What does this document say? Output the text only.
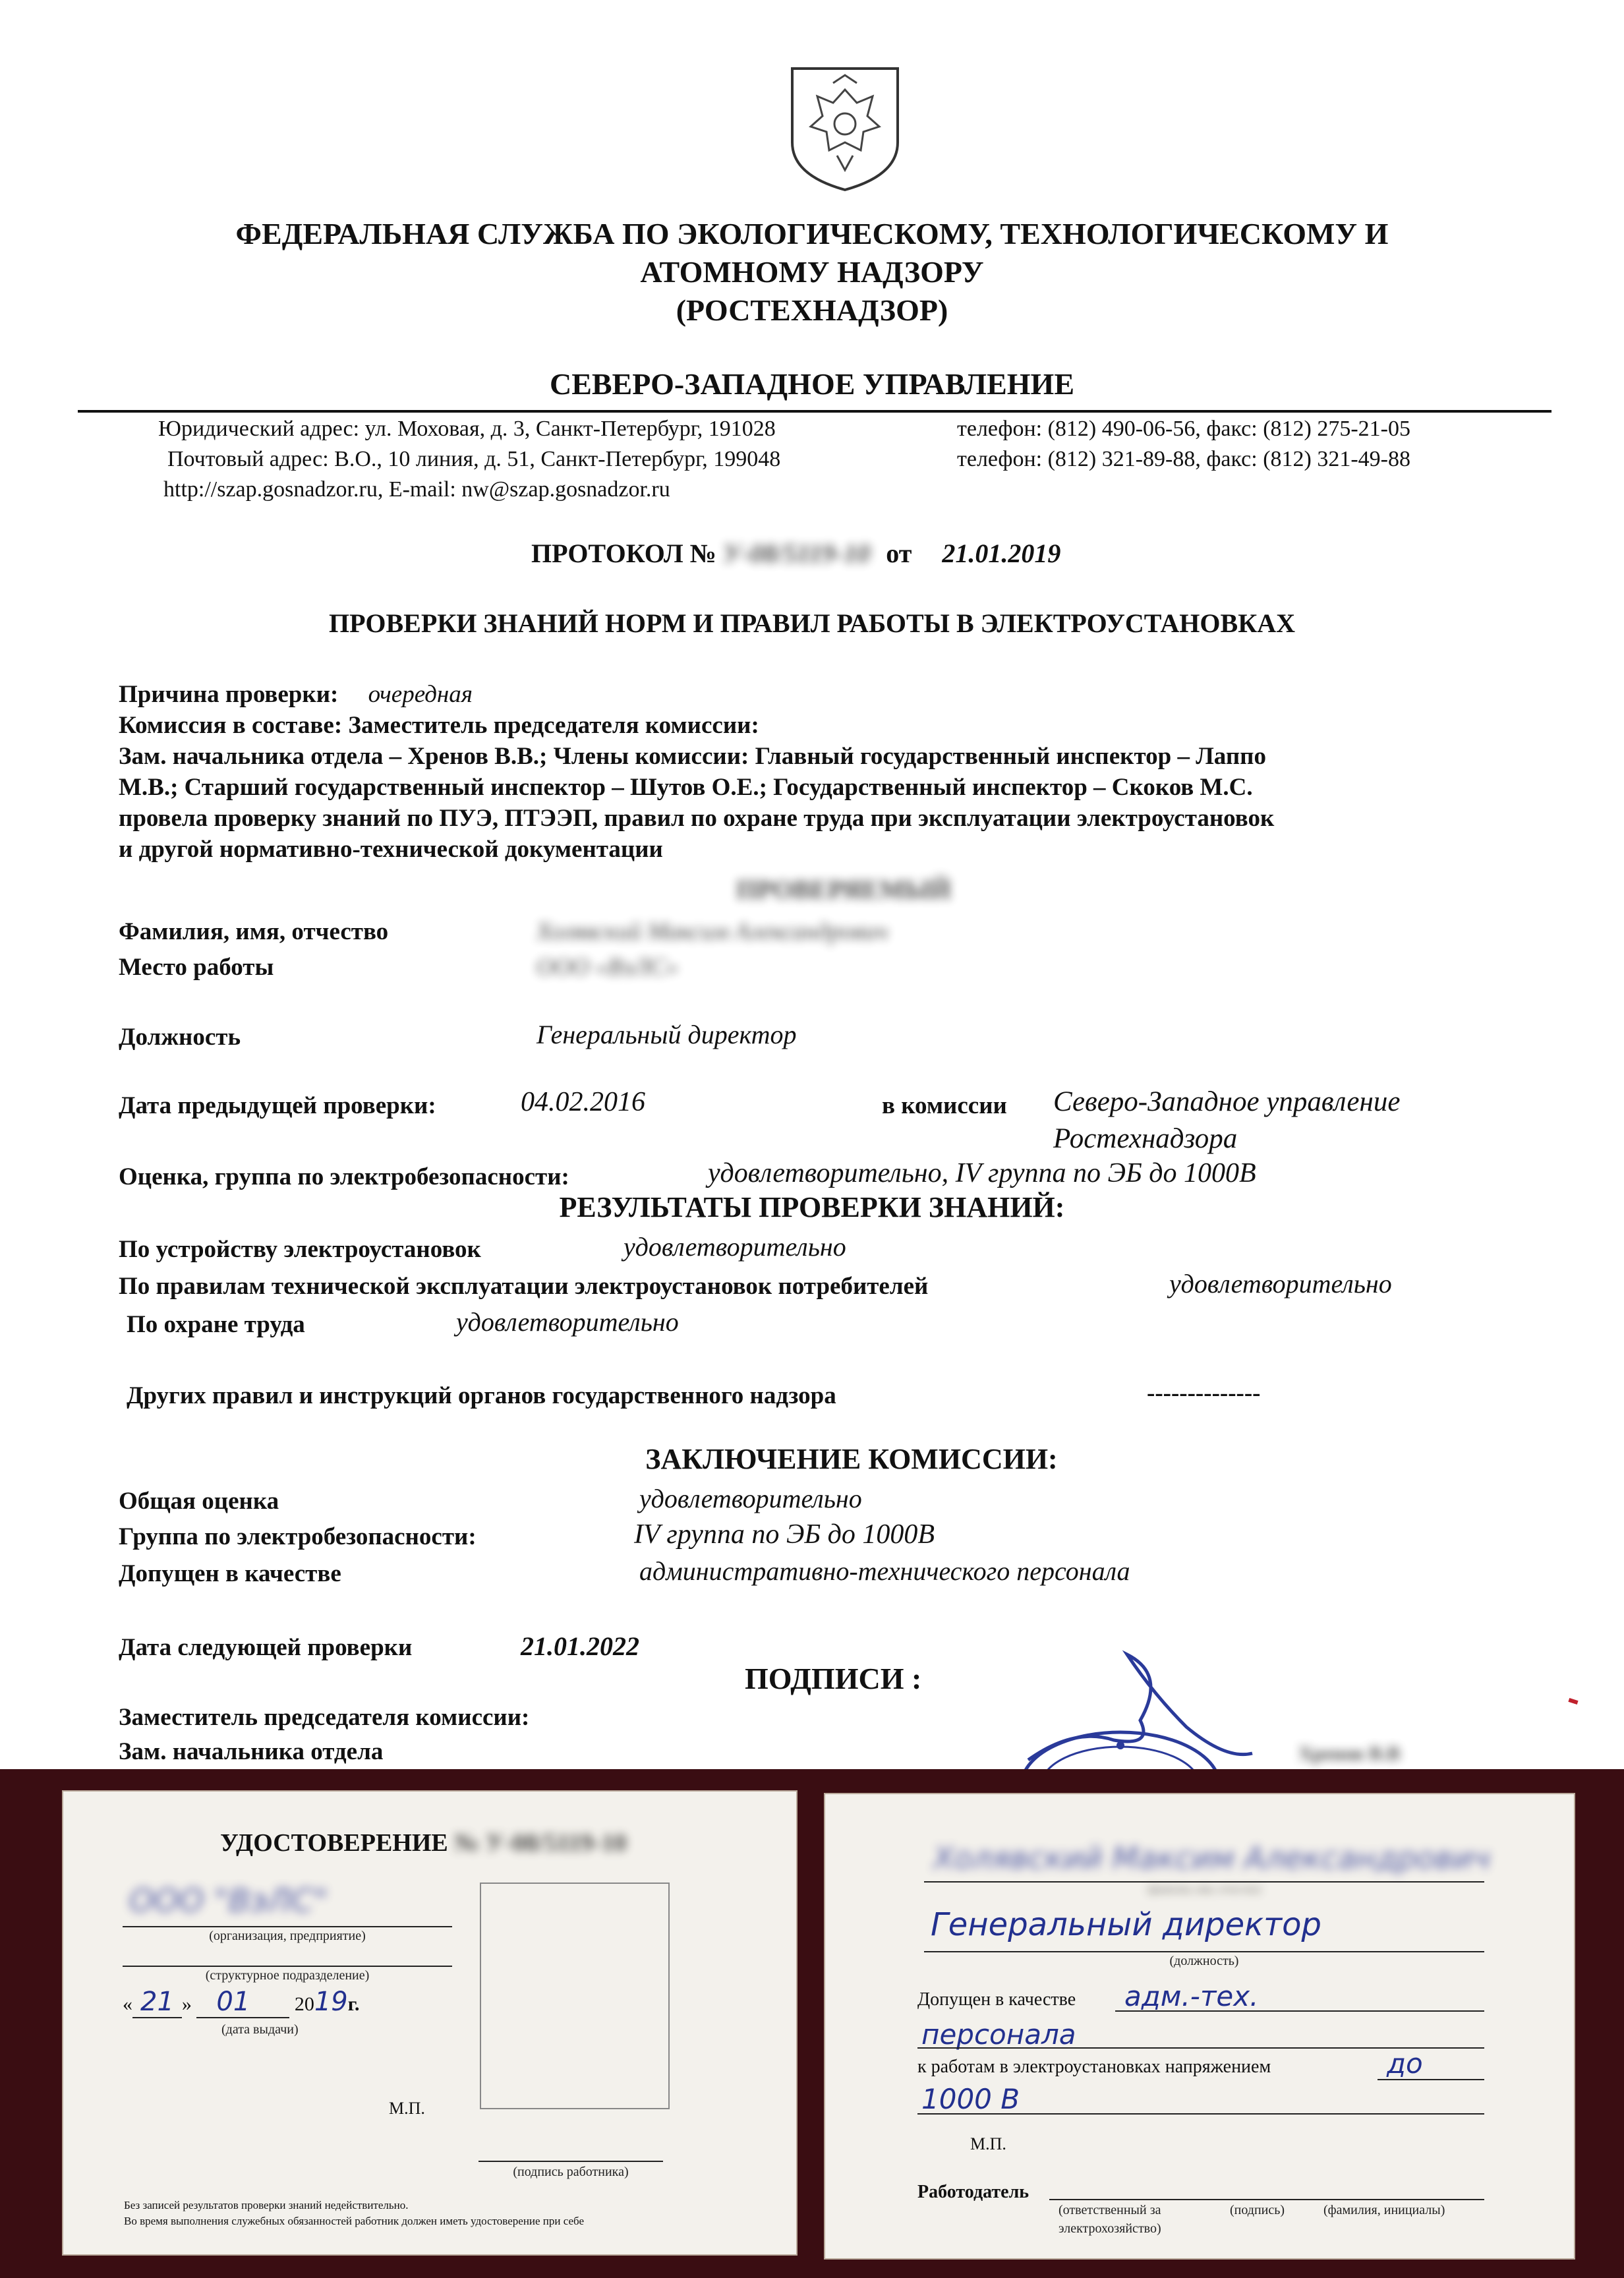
ФЕДЕРАЛЬНАЯ СЛУЖБА ПО ЭКОЛОГИЧЕСКОМУ, ТЕХНОЛОГИЧЕСКОМУ И
АТОМНОМУ НАДЗОРУ
(РОСТЕХНАДЗОР)
СЕВЕРО-ЗАПАДНОЕ УПРАВЛЕНИЕ
Юридический адрес: ул. Моховая, д. 3, Санкт-Петербург, 191028
Почтовый адрес: В.О., 10 линия, д. 51, Санкт-Петербург, 199048
http://szap.gosnadzor.ru, E-mail: nw@szap.gosnadzor.ru
телефон: (812) 490-06-56, факс: (812) 275-21-05
телефон: (812) 321-89-88, факс: (812) 321-49-88
ПРОТОКОЛ № У-08/5119-10 от 21.01.2019
ПРОВЕРКИ ЗНАНИЙ НОРМ И ПРАВИЛ РАБОТЫ В ЭЛЕКТРОУСТАНОВКАХ
Причина проверки: очередная
Комиссия в составе: Заместитель председателя комиссии:
Зам. начальника отдела – Хренов В.В.; Члены комиссии: Главный государственный инспектор – Лаппо
М.В.; Старший государственный инспектор – Шутов О.Е.; Государственный инспектор – Скоков М.С.
провела проверку знаний по ПУЭ, ПТЭЭП, правил по охране труда при эксплуатации электроустановок
и другой нормативно-технической документации
ПРОВЕРЯЕМЫЙ
Фамилия, имя, отчество	Холявский Максим Александрович
Место работы	ООО «ВэЛС»
Должность	Генеральный директор
Дата предыдущей проверки:	04.02.2016	в комиссии Северо-Западное управление
Ростехнадзора
Оценка, группа по электробезопасности:	удовлетворительно, IV группа по ЭБ до 1000В
РЕЗУЛЬТАТЫ ПРОВЕРКИ ЗНАНИЙ:
По устройству электроустановок	удовлетворительно
По правилам технической эксплуатации электроустановок потребителей	удовлетворительно
По охране труда	удовлетворительно
Других правил и инструкций органов государственного надзора	--------------
ЗАКЛЮЧЕНИЕ КОМИССИИ:
Общая оценка	удовлетворительно
Группа по электробезопасности:	IV группа по ЭБ до 1000В
Допущен в качестве	административно-технического персонала
Дата следующей проверки	21.01.2022
ПОДПИСИ :
Заместитель председателя комиссии:
Зам. начальника отдела	Хренов В.В
УДОСТОВЕРЕНИЕ № У-08/5119-10
ООО "ВэЛС"
(организация, предприятие)
(структурное подразделение)
« 21 » 01 2019г.
(дата выдачи)
М.П.
(подпись работника)
Без записей результатов проверки знаний недействительно.
Во время выполнения служебных обязанностей работник должен иметь удостоверение при себе
Холявский Максим Александрович
(фамилия, имя, отчество)
Генеральный директор
(должность)
Допущен в качестве адм.-тех.
персонала
к работам в электроустановках напряжением	до
1000 В
М.П.
Работодатель
(ответственный за
электрохозяйство)
(подпись)	(фамилия, инициалы)
